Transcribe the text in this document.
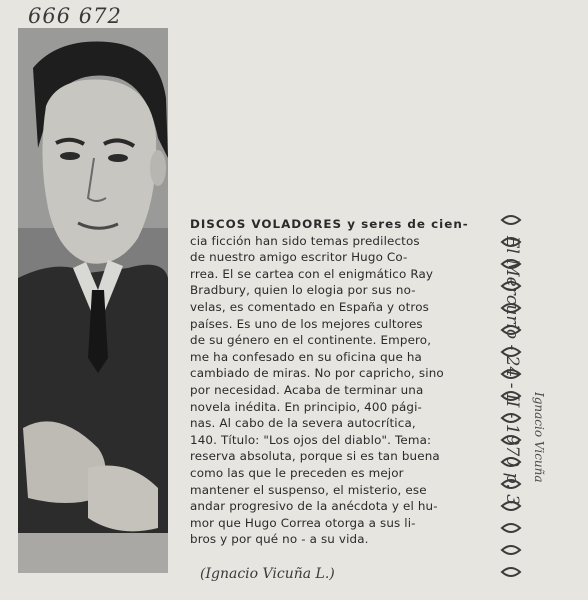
666 672

DISCOS VOLADORES y seres de cien-
cia ficción han sido temas predilectos
de nuestro amigo escritor Hugo Co-
rrea. El se cartea con el enigmático Ray
Bradbury, quien lo elogia por sus no-
velas, es comentado en España y otros
países. Es uno de los mejores cultores
de su género en el continente. Empero,
me ha confesado en su oficina que ha
cambiado de miras. No por capricho, sino
por necesidad. Acaba de terminar una
novela inédita. En principio, 400 pági-
nas. Al cabo de la severa autocrítica,
140. Título: "Los ojos del diablo". Tema:
reserva absoluta, porque si es tan buena
como las que le preceden es mejor
mantener el suspenso, el misterio, ese
andar progresivo de la anécdota y el hu-
mor que Hugo Correa otorga a sus li-
bros y por qué no - a su vida.

(Ignacio Vicuña L.)
El Mercurio - 24 - II - 1970 p. 3 Ignacio Vicuña
